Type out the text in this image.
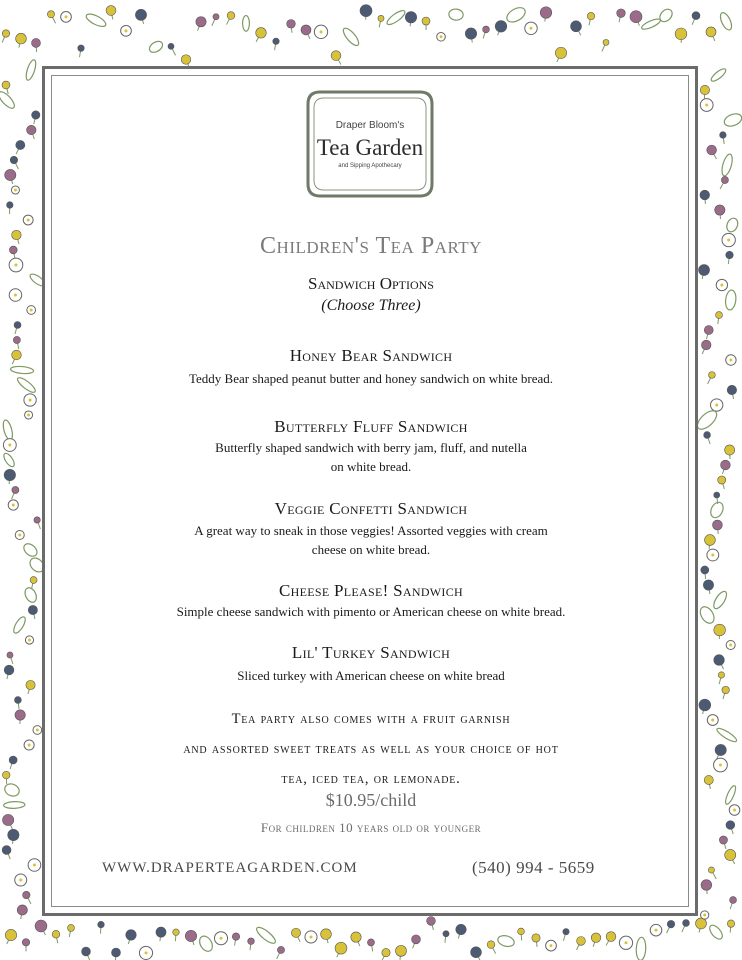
Draper Bloom's
Tea Garden
and Sipping Apothecary
Children's Tea Party
Sandwich Options
(Choose Three)
Honey Bear Sandwich
Teddy Bear shaped peanut butter and honey sandwich on white bread.
Butterfly Fluff Sandwich
Butterfly shaped sandwich with berry jam, fluff, and nutella
on white bread.
Veggie Confetti Sandwich
A great way to sneak in those veggies! Assorted veggies with cream
cheese on white bread.
Cheese Please! Sandwich
Simple cheese sandwich with pimento or American cheese on white bread.
Lil' Turkey Sandwich
Sliced turkey with American cheese on white bread
Tea party also comes with a fruit garnish
and assorted sweet treats as well as your choice of hot
tea, iced tea, or lemonade.
$10.95/child
For children 10 years old or younger
WWW.DRAPERTEAGARDEN.COM	(540) 994 - 5659
